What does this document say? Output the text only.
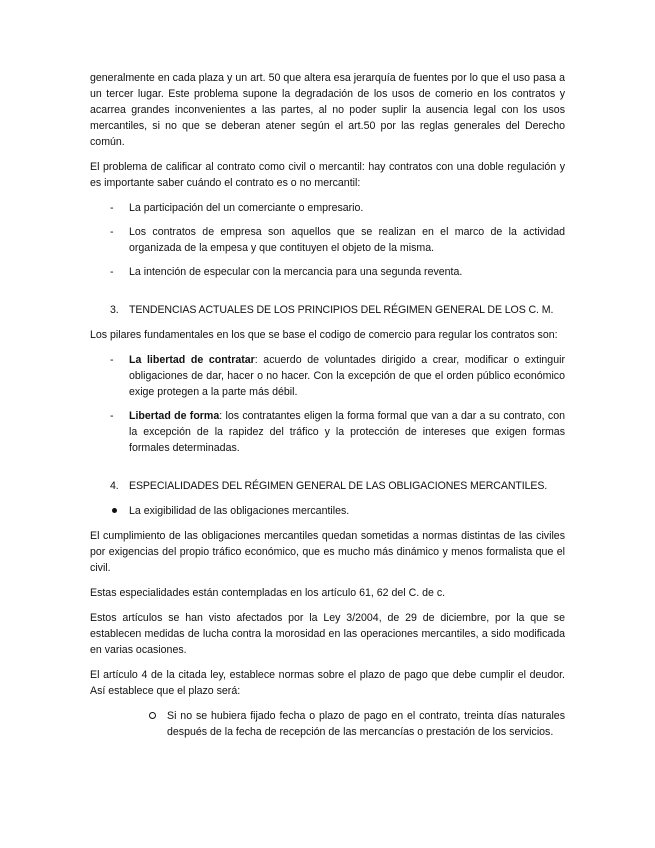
generalmente en cada plaza y un art. 50 que altera esa jerarquía de fuentes por lo que el uso pasa a un tercer lugar. Este problema supone la degradación de los usos de comerio en los contratos y acarrea grandes inconvenientes a las partes, al no poder suplir la ausencia legal con los usos mercantiles, si no que se deberan atener según el art.50 por las reglas generales del Derecho común.

El problema de calificar al contrato como civil o mercantil: hay contratos con una doble regulación y es importante saber cuándo el contrato es o no mercantil:

- La participación del un comerciante o empresario.
- Los contratos de empresa son aquellos que se realizan en el marco de la actividad organizada de la empesa y que contituyen el objeto de la misma.
- La intención de especular con la mercancia para una segunda reventa.
3. TENDENCIAS ACTUALES DE LOS PRINCIPIOS DEL RÉGIMEN GENERAL DE LOS C. M.

Los pilares fundamentales en los que se base el codigo de comercio para regular los contratos son:

- La libertad de contratar: acuerdo de voluntades dirigido a crear, modificar o extinguir obligaciones de dar, hacer o no hacer. Con la excepción de que el orden público económico exige protegen a la parte más débil.
- Libertad de forma: los contratantes eligen la forma formal que van a dar a su contrato, con la excepción de la rapidez del tráfico y la protección de intereses que exigen formas formales determinadas.
4. ESPECIALIDADES DEL RÉGIMEN GENERAL DE LAS OBLIGACIONES MERCANTILES.
La exigibilidad de las obligaciones mercantiles.

El cumplimiento de las obligaciones mercantiles quedan sometidas a normas distintas de las civiles por exigencias del propio tráfico económico, que es mucho más dinámico y menos formalista que el civil.

Estas especialidades están contempladas en los artículo 61, 62 del C. de c.

Estos artículos se han visto afectados por la Ley 3/2004, de 29 de diciembre, por la que se establecen medidas de lucha contra la morosidad en las operaciones mercantiles, a sido modificada en varias ocasiones.

El artículo 4 de la citada ley, establece normas sobre el plazo de pago que debe cumplir el deudor. Así establece que el plazo será:

Si no se hubiera fijado fecha o plazo de pago en el contrato, treinta días naturales después de la fecha de recepción de las mercancías o prestación de los servicios.
